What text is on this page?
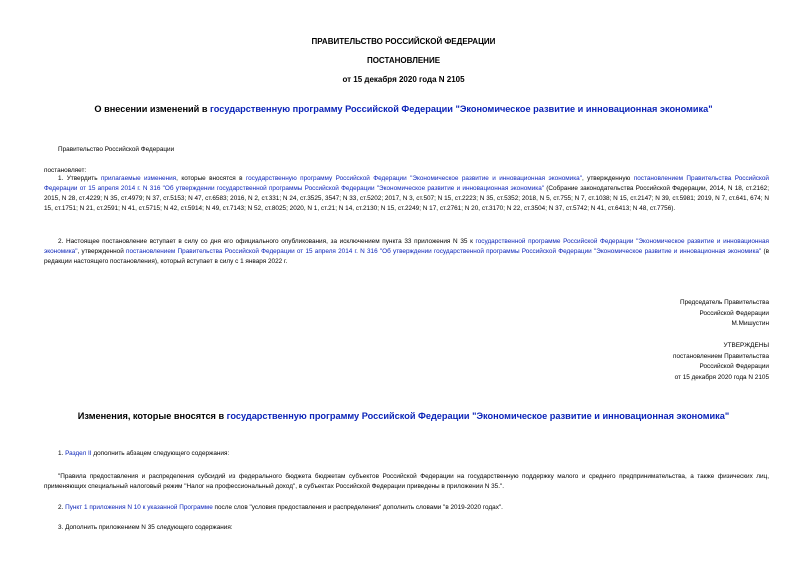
ПРАВИТЕЛЬСТВО РОССИЙСКОЙ ФЕДЕРАЦИИ
ПОСТАНОВЛЕНИЕ
от 15 декабря 2020 года N 2105
О внесении изменений в государственную программу Российской Федерации "Экономическое развитие и инновационная экономика"
Правительство Российской Федерации
постановляет:
1. Утвердить прилагаемые изменения, которые вносятся в государственную программу Российской Федерации "Экономическое развитие и инновационная экономика", утвержденную постановлением Правительства Российской Федерации от 15 апреля 2014 г. N 316 "Об утверждении государственной программы Российской Федерации "Экономическое развитие и инновационная экономика" (Собрание законодательства Российской Федерации, 2014, N 18, ст.2162; 2015, N 28, ст.4229; N 35, ст.4979; N 37, ст.5153; N 47, ст.6583; 2016, N 2, ст.331; N 24, ст.3525, 3547; N 33, ст.5202; 2017, N 3, ст.507; N 15, ст.2223; N 35, ст.5352; 2018, N 5, ст.755; N 7, ст.1038; N 15, ст.2147; N 39, ст.5981; 2019, N 7, ст.641, 674; N 15, ст.1751; N 21, ст.2591; N 41, ст.5715; N 42, ст.5914; N 49, ст.7143; N 52, ст.8025; 2020, N 1, ст.21; N 14, ст.2130; N 15, ст.2249; N 17, ст.2761; N 20, ст.3170; N 22, ст.3504; N 37, ст.5742; N 41, ст.6413; N 48, ст.7756).
2. Настоящее постановление вступает в силу со дня его официального опубликования, за исключением пункта 33 приложения N 35 к государственной программе Российской Федерации "Экономическое развитие и инновационная экономика", утвержденной постановлением Правительства Российской Федерации от 15 апреля 2014 г. N 316 "Об утверждении государственной программы Российской Федерации "Экономическое развитие и инновационная экономика" (в редакции настоящего постановления), который вступает в силу с 1 января 2022 г.
Председатель Правительства
Российской Федерации
М.Мишустин
УТВЕРЖДЕНЫ
постановлением Правительства
Российской Федерации
от 15 декабря 2020 года N 2105
Изменения, которые вносятся в государственную программу Российской Федерации "Экономическое развитие и инновационная экономика"
1. Раздел II дополнить абзацем следующего содержания:
"Правила предоставления и распределения субсидий из федерального бюджета бюджетам субъектов Российской Федерации на государственную поддержку малого и среднего предпринимательства, а также физических лиц, применяющих специальный налоговый режим "Налог на профессиональный доход", в субъектах Российской Федерации приведены в приложении N 35.".
2. Пункт 1 приложения N 10 к указанной Программе после слов "условия предоставления и распределения" дополнить словами "в 2019-2020 годах".
3. Дополнить приложением N 35 следующего содержания:
